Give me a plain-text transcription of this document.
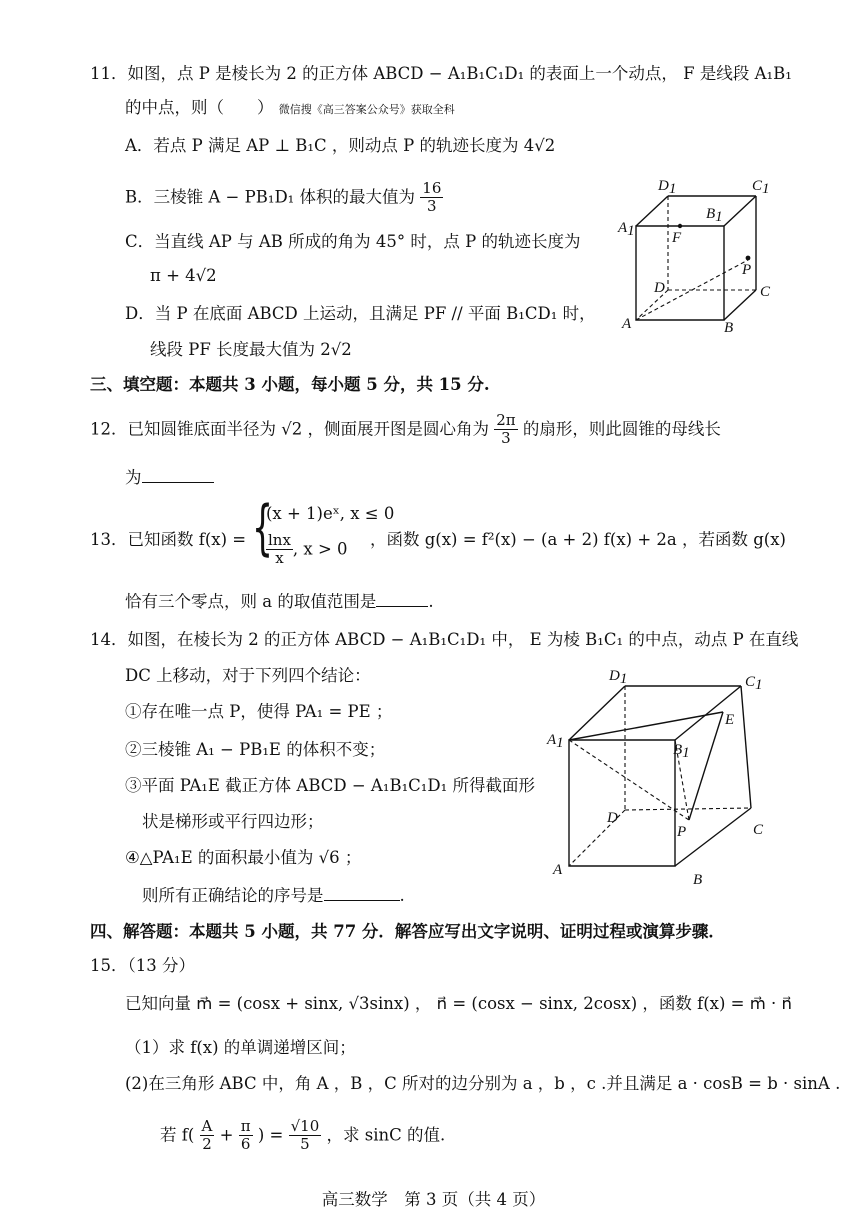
11．如图，点 P 是棱长为 2 的正方体 ABCD − A₁B₁C₁D₁ 的表面上一个动点， F 是线段 A₁B₁
的中点，则（　　） 微信搜《高三答案公众号》获取全科
A．若点 P 满足 AP ⊥ B₁C ，则动点 P 的轨迹长度为 4√2
B．三棱锥 A − PB₁D₁ 体积的最大值为 $\frac{16}{3}$
C．当直线 AP 与 AB 所成的角为 45° 时，点 P 的轨迹长度为
π + 4√2
D．当 P 在底面 ABCD 上运动，且满足 PF // 平面 B₁CD₁ 时，
线段 PF 长度最大值为 2√2
D1	C1
B1
A1 F
P
D	C
A	B
三、填空题：本题共 3 小题，每小题 5 分，共 15 分.
12．已知圆锥底面半径为 √2 ，侧面展开图是圆心角为 $\frac{2\pi}{3}$ 的扇形，则此圆锥的母线长
为
13．已知函数 f(x) = {
(x + 1)eˣ, x ≤ 0
$\frac{\ln x}{x}$ , x > 0 ，函数 g(x) = f²(x) − (a + 2) f(x) + 2a ，若函数 g(x)
恰有三个零点，则 a 的取值范围是	.
14．如图，在棱长为 2 的正方体 ABCD − A₁B₁C₁D₁ 中， E 为棱 B₁C₁ 的中点，动点 P 在直线
DC 上移动，对于下列四个结论：
①存在唯一点 P，使得 PA₁ = PE ；
②三棱锥 A₁ − PB₁E 的体积不变；
③平面 PA₁E 截正方体 ABCD − A₁B₁C₁D₁ 所得截面形
状是梯形或平行四边形；
④△PA₁E 的面积最小值为 √6 ；
则所有正确结论的序号是	.
D1	C1
E
A1	B1
D
P	C
A
B
四、解答题：本题共 5 小题，共 77 分．解答应写出文字说明、证明过程或演算步骤．
15．（13 分）
已知向量 m⃗ = (cosx + sinx, √3sinx) ， n⃗ = (cosx − sinx, 2cosx) ，函数 f(x) = m⃗ · n⃗
（1）求 f(x) 的单调递增区间；
(2)在三角形 ABC 中，角 A ，B ，C 所对的边分别为 a ，b ，c .并且满足 a · cosB = b · sinA .
若 $f( \frac{A}{2} + \frac{\pi}{6}$ ) = $\frac{√10}{5}$ ，求 sinC 的值.
高三数学　第 3 页（共 4 页）
